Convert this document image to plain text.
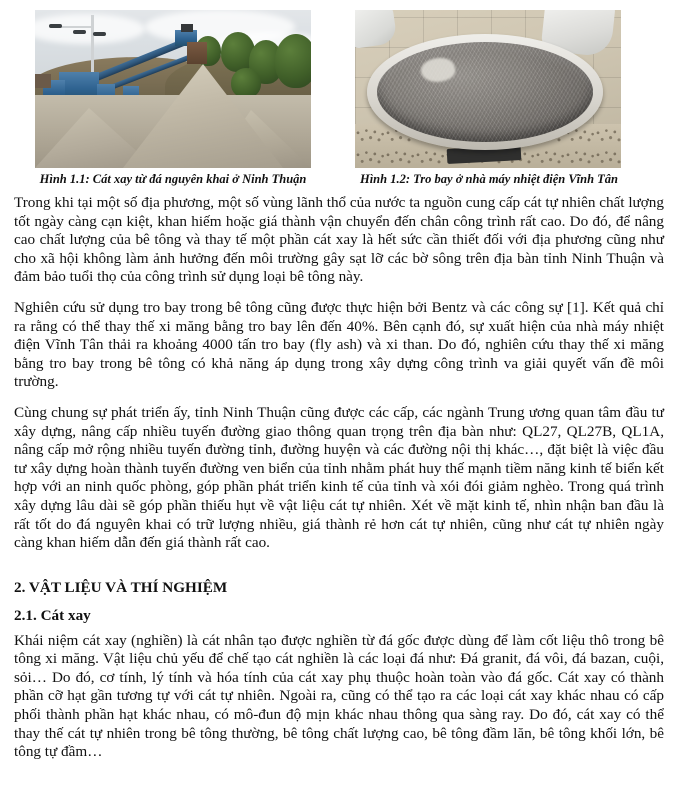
Hình 1.1: Cát xay từ đá nguyên khai ở Ninh Thuận	Hình 1.2: Tro bay ở nhà máy nhiệt điện Vĩnh Tân

Trong khi tại một số địa phương, một số vùng lãnh thổ của nước ta nguồn cung cấp cát tự nhiên chất lượng tốt ngày càng cạn kiệt, khan hiếm hoặc giá thành vận chuyển đến chân công trình rất cao. Do đó, để nâng cao chất lượng của bê tông và thay tế một phần cát xay là hết sức cần thiết đối với địa phương cũng như cho xã hội không làm ảnh hưởng đến môi trường gây sạt lỡ các bờ sông trên địa bàn tỉnh Ninh Thuận và đảm bảo tuổi thọ của công trình sử dụng loại bê tông này.

Nghiên cứu sử dụng tro bay trong bê tông cũng được thực hiện bởi Bentz và các công sự [1]. Kết quả chỉ ra rằng có thể thay thế xi măng bằng tro bay lên đến 40%. Bên cạnh đó, sự xuất hiện của nhà máy nhiệt điện Vĩnh Tân thải ra khoảng 4000 tấn tro bay (fly ash) và xi than. Do đó, nghiên cứu thay thế xi măng bằng tro bay trong bê tông có khả năng áp dụng trong xây dựng công trình va giải quyết vấn đề môi trường.

Cùng chung sự phát triển ấy, tỉnh Ninh Thuận cũng được các cấp, các ngành Trung ương quan tâm đầu tư xây dựng, nâng cấp nhiều tuyến đường giao thông quan trọng trên địa bàn như: QL27, QL27B, QL1A, nâng cấp mở rộng nhiều tuyến đường tỉnh, đường huyện và các đường nội thị khác…, đặt biệt là việc đầu tư xây dựng hoàn thành tuyến đường ven biển của tỉnh nhằm phát huy thế mạnh tiềm năng kinh tế biển kết hợp với an ninh quốc phòng, góp phần phát triển kinh tế của tỉnh và xói đói giảm nghèo. Trong quá trình xây dựng lâu dài sẽ góp phần thiếu hụt về vật liệu cát tự nhiên. Xét về mặt kinh tế, nhìn nhận ban đầu là rất tốt do đá nguyên khai có trữ lượng nhiều, giá thành rẻ hơn cát tự nhiên, cũng như cát tự nhiên ngày càng khan hiếm dẫn đến giá thành rất cao.

2. VẬT LIỆU VÀ THÍ NGHIỆM
2.1. Cát xay

Khái niệm cát xay (nghiền) là cát nhân tạo được nghiền từ đá gốc được dùng để làm cốt liệu thô trong bê tông xi măng. Vật liệu chủ yếu để chế tạo cát nghiền là các loại đá như: Đá granit, đá vôi, đá bazan, cuội, sỏi… Do đó, cơ tính, lý tính và hóa tính của cát xay phụ thuộc hoàn toàn vào đá gốc. Cát xay có thành phần cỡ hạt gần tương tự với cát tự nhiên. Ngoài ra, cũng có thể tạo ra các loại cát xay khác nhau có cấp phối thành phần hạt khác nhau, có mô-đun độ mịn khác nhau thông qua sàng ray. Do đó, cát xay có thể thay thế cát tự nhiên trong bê tông thường, bê tông chất lượng cao, bê tông đầm lăn, bê tông khối lớn, bê tông tự đầm…
